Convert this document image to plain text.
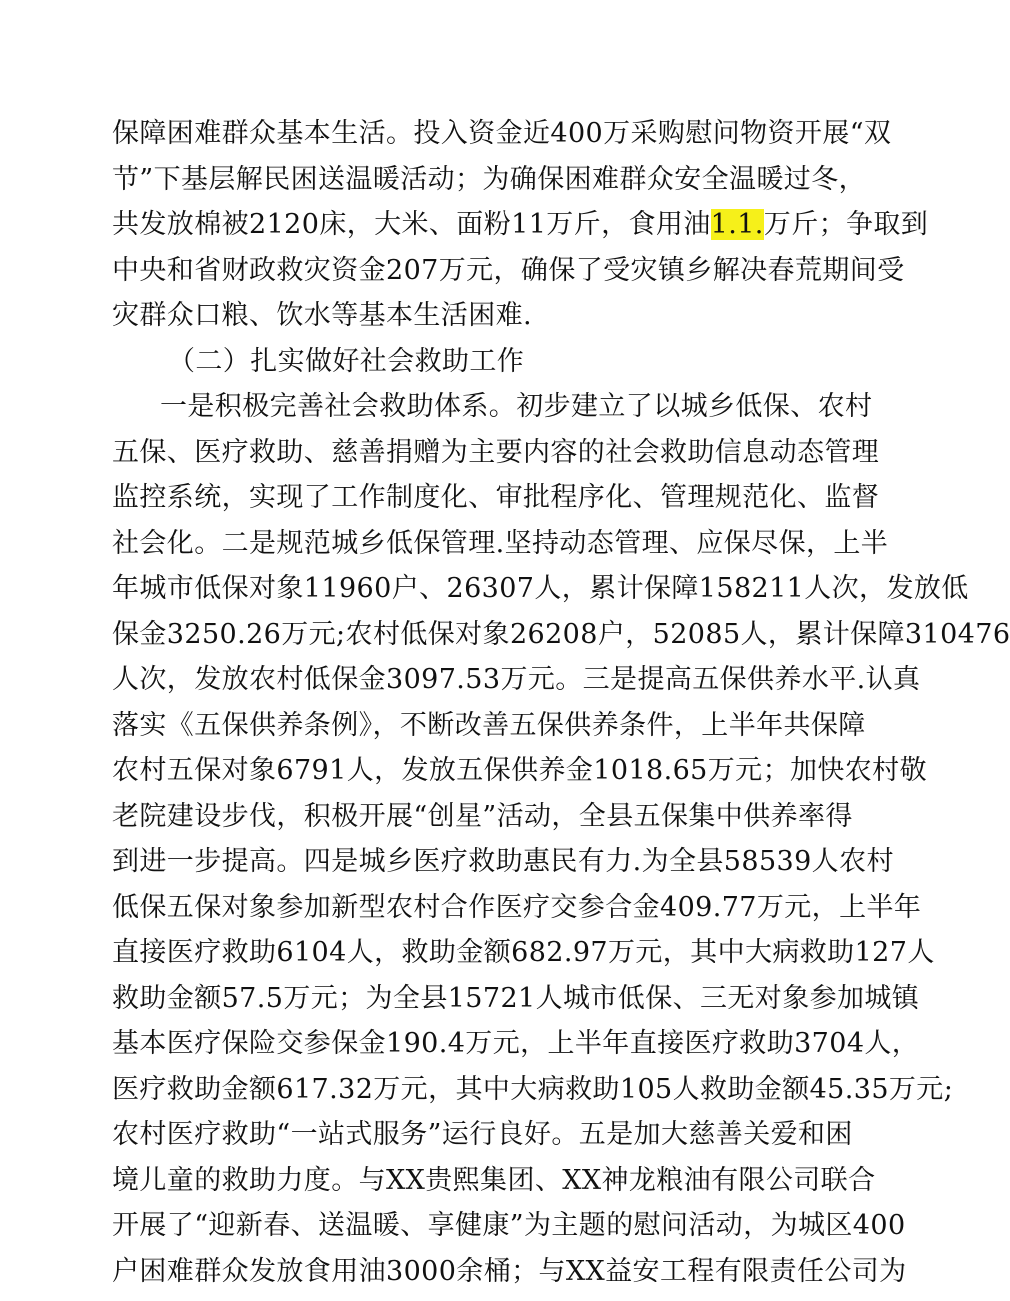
保障困难群众基本生活。投入资金近400万采购慰问物资开展“双
节”下基层解民困送温暖活动；为确保困难群众安全温暖过冬，
共发放棉被2120床，大米、面粉11万斤，食用油1.1.万斤；争取到
中央和省财政救灾资金207万元，确保了受灾镇乡解决春荒期间受
灾群众口粮、饮水等基本生活困难.
（二）扎实做好社会救助工作
一是积极完善社会救助体系。初步建立了以城乡低保、农村
五保、医疗救助、慈善捐赠为主要内容的社会救助信息动态管理
监控系统，实现了工作制度化、审批程序化、管理规范化、监督
社会化。二是规范城乡低保管理.坚持动态管理、应保尽保，上半
年城市低保对象11960户、26307人，累计保障158211人次，发放低
保金3250.26万元;农村低保对象26208户，52085人，累计保障310476
人次，发放农村低保金3097.53万元。三是提高五保供养水平.认真
落实《五保供养条例》，不断改善五保供养条件，上半年共保障
农村五保对象6791人，发放五保供养金1018.65万元；加快农村敬
老院建设步伐，积极开展“创星”活动，全县五保集中供养率得
到进一步提高。四是城乡医疗救助惠民有力.为全县58539人农村
低保五保对象参加新型农村合作医疗交参合金409.77万元，上半年
直接医疗救助6104人，救助金额682.97万元，其中大病救助127人
救助金额57.5万元；为全县15721人城市低保、三无对象参加城镇
基本医疗保险交参保金190.4万元，上半年直接医疗救助3704人，
医疗救助金额617.32万元，其中大病救助105人救助金额45.35万元;
农村医疗救助“一站式服务”运行良好。五是加大慈善关爱和困
境儿童的救助力度。与XX贵熙集团、XX神龙粮油有限公司联合
开展了“迎新春、送温暖、享健康”为主题的慰问活动，为城区400
户困难群众发放食用油3000余桶；与XX益安工程有限责任公司为
